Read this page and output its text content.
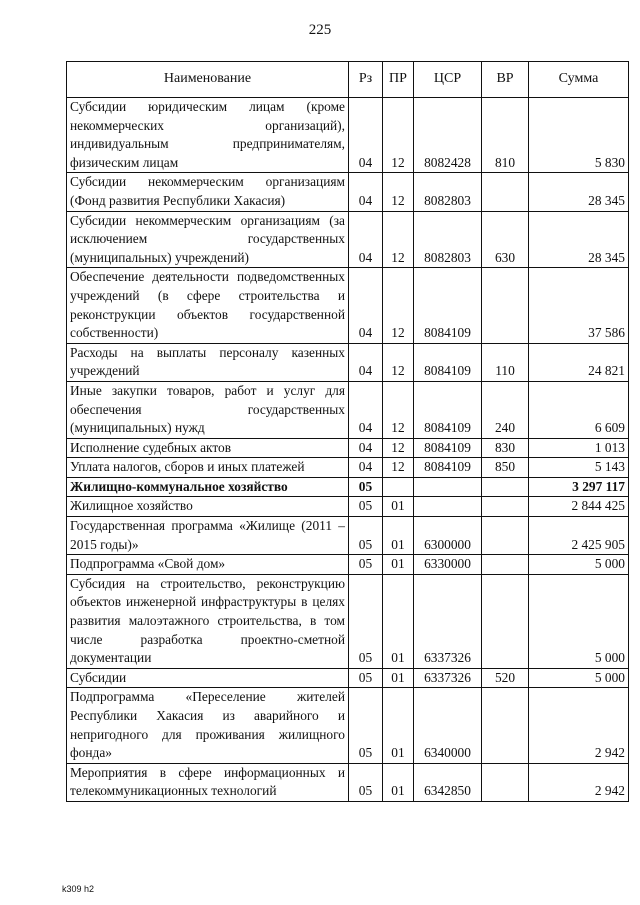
225
Наименование	Рз	ПР	ЦСР	ВР	Сумма
Субсидии юридическим лицам (кроме некоммерческих организаций), индивидуальным предпринимателям, физическим лицам	04	12	8082428	810	5 830
Субсидии некоммерческим организациям (Фонд развития Республики Хакасия)	04	12	8082803		28 345
Субсидии некоммерческим организациям (за исключением государственных (муниципальных) учреждений)	04	12	8082803	630	28 345
Обеспечение деятельности подведомственных учреждений (в сфере строительства и реконструкции объектов государственной собственности)	04	12	8084109		37 586
Расходы на выплаты персоналу казенных учреждений	04	12	8084109	110	24 821
Иные закупки товаров, работ и услуг для обеспечения государственных (муниципальных) нужд	04	12	8084109	240	6 609
Исполнение судебных актов	04	12	8084109	830	1 013
Уплата налогов, сборов и иных платежей	04	12	8084109	850	5 143
Жилищно-коммунальное хозяйство	05				3 297 117
Жилищное хозяйство	05	01			2 844 425
Государственная программа «Жилище (2011 – 2015 годы)»	05	01	6300000		2 425 905
Подпрограмма «Свой дом»	05	01	6330000		5 000
Субсидия на строительство, реконструкцию объектов инженерной инфраструктуры в целях развития малоэтажного строительства, в том числе разработка проектно-сметной документации	05	01	6337326		5 000
Субсидии	05	01	6337326	520	5 000
Подпрограмма «Переселение жителей Республики Хакасия из аварийного и непригодного для проживания жилищного фонда»	05	01	6340000		2 942
Мероприятия в сфере информационных и телекоммуникационных технологий	05	01	6342850		2 942
k309 h2
